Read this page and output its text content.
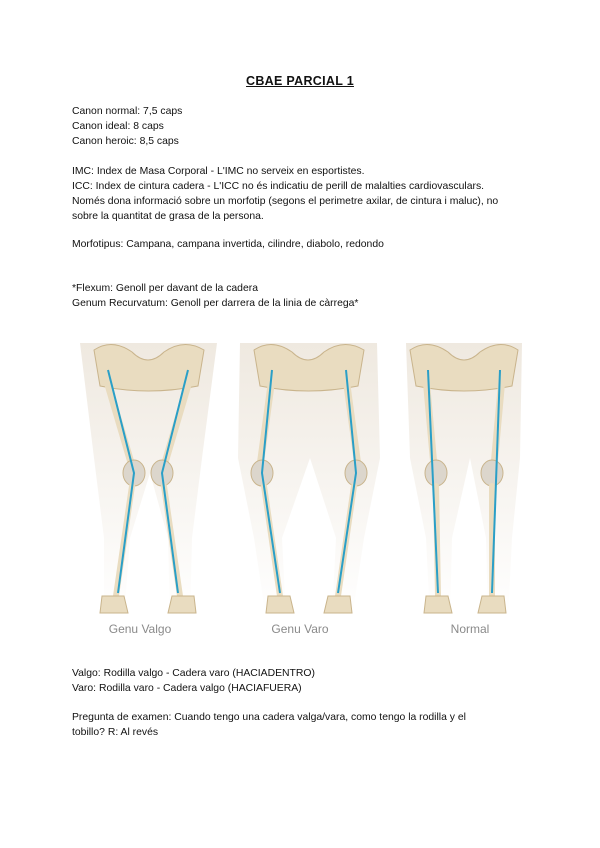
CBAE PARCIAL 1
Canon normal: 7,5 caps
Canon ideal: 8 caps
Canon heroic: 8,5 caps
IMC: Index de Masa Corporal - L'IMC no serveix en esportistes.
ICC: Index de cintura cadera - L'ICC no és indicatiu de perill de malalties cardiovasculars.
Només dona informació sobre un morfotip (segons el perimetre axilar, de cintura i maluc), no
sobre la quantitat de grasa de la persona.
Morfotipus: Campana, campana invertida, cilindre, diabolo, redondo
*Flexum: Genoll per davant de la cadera
Genum Recurvatum: Genoll per darrera de la linia de càrrega*
Genu Valgo	Genu Varo	Normal
Valgo: Rodilla valgo - Cadera varo (HACIADENTRO)
Varo: Rodilla varo - Cadera valgo (HACIAFUERA)
Pregunta de examen: Cuando tengo una cadera valga/vara, como tengo la rodilla y el
tobillo? R: Al revés
